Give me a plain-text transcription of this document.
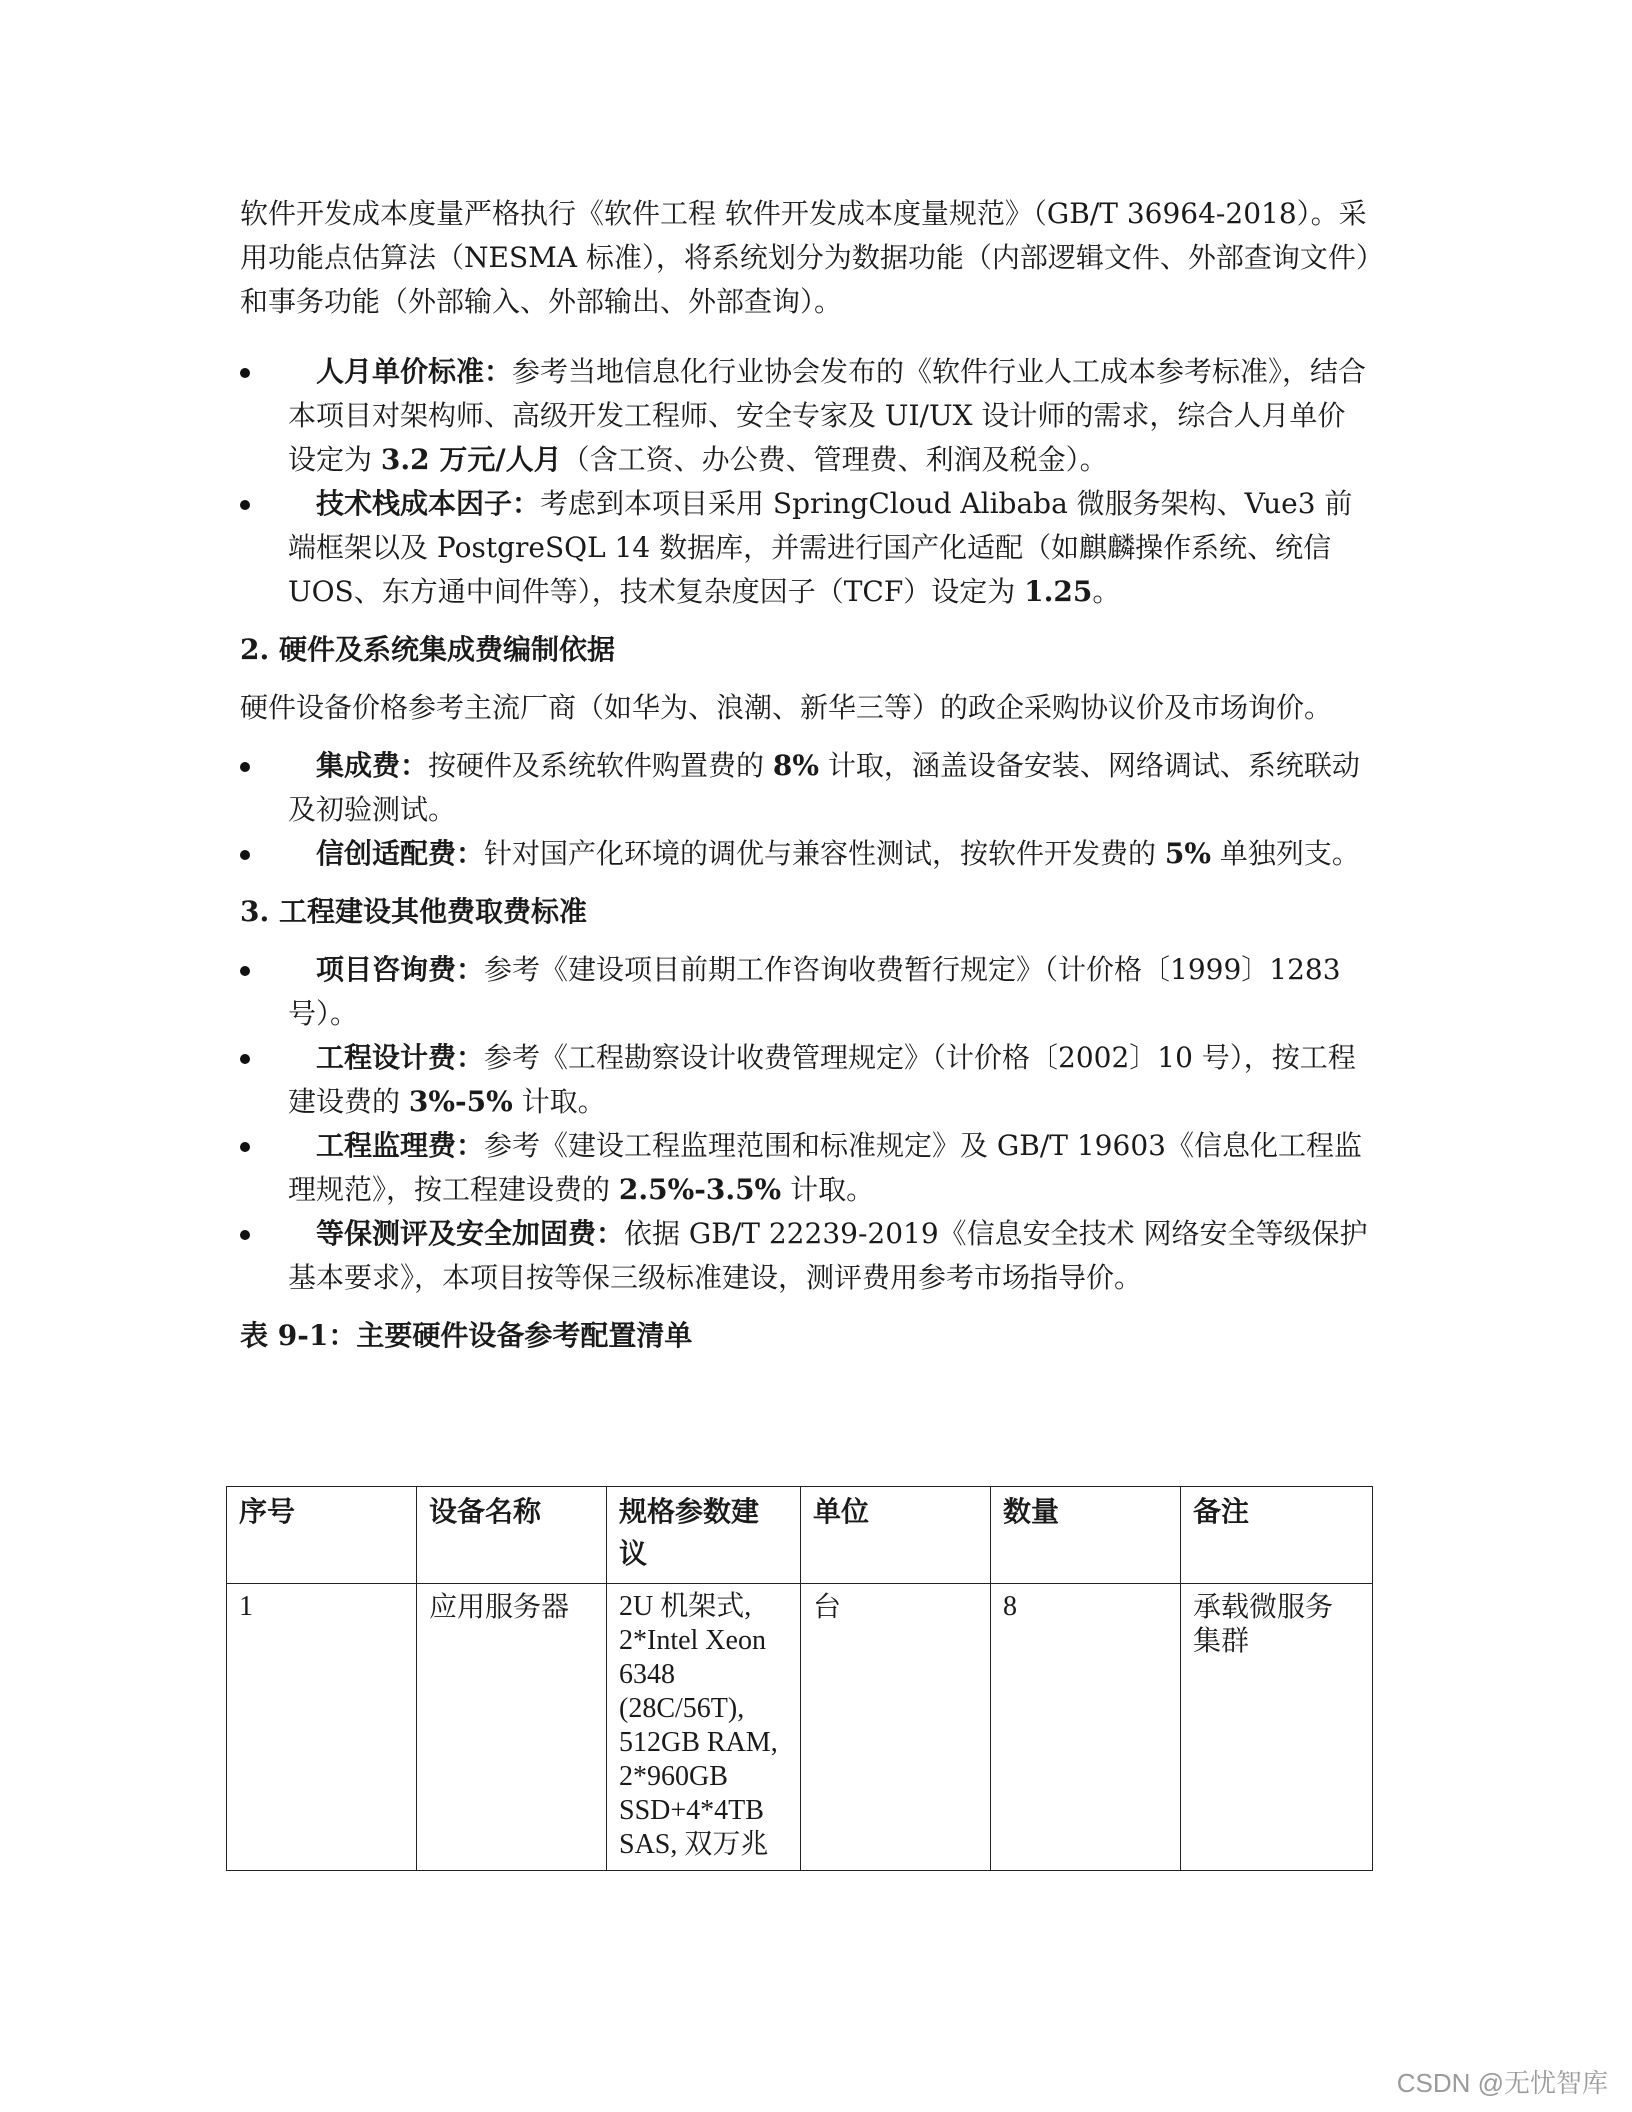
软件开发成本度量严格执行《软件工程 软件开发成本度量规范》（GB/T 36964-2018）。采用功能点估算法（NESMA 标准），将系统划分为数据功能（内部逻辑文件、外部查询文件）和事务功能（外部输入、外部输出、外部查询）。

人月单价标准：参考当地信息化行业协会发布的《软件行业人工成本参考标准》，结合本项目对架构师、高级开发工程师、安全专家及 UI/UX 设计师的需求，综合人月单价设定为 3.2 万元/人月（含工资、办公费、管理费、利润及税金）。
技术栈成本因子：考虑到本项目采用 SpringCloud Alibaba 微服务架构、Vue3 前端框架以及 PostgreSQL 14 数据库，并需进行国产化适配（如麒麟操作系统、统信 UOS、东方通中间件等），技术复杂度因子（TCF）设定为 1.25。
2. 硬件及系统集成费编制依据

硬件设备价格参考主流厂商（如华为、浪潮、新华三等）的政企采购协议价及市场询价。

集成费：按硬件及系统软件购置费的 8% 计取，涵盖设备安装、网络调试、系统联动及初验测试。
信创适配费：针对国产化环境的调优与兼容性测试，按软件开发费的 5% 单独列支。
3. 工程建设其他费取费标准
项目咨询费：参考《建设项目前期工作咨询收费暂行规定》（计价格〔1999〕1283 号）。
工程设计费：参考《工程勘察设计收费管理规定》（计价格〔2002〕10 号），按工程建设费的 3%-5% 计取。
工程监理费：参考《建设工程监理范围和标准规定》及 GB/T 19603《信息化工程监理规范》，按工程建设费的 2.5%-3.5% 计取。
等保测评及安全加固费：依据 GB/T 22239-2019《信息安全技术 网络安全等级保护基本要求》，本项目按等保三级标准建设，测评费用参考市场指导价。

表 9-1：主要硬件设备参考配置清单

序号	设备名称	规格参数建议	单位	数量	备注
1	应用服务器	2U 机架式, 2*Intel Xeon 6348 (28C/56T), 512GB RAM, 2*960GB SSD+4*4TB SAS, 双万兆	台	8	承载微服务集群
CSDN @无忧智库
